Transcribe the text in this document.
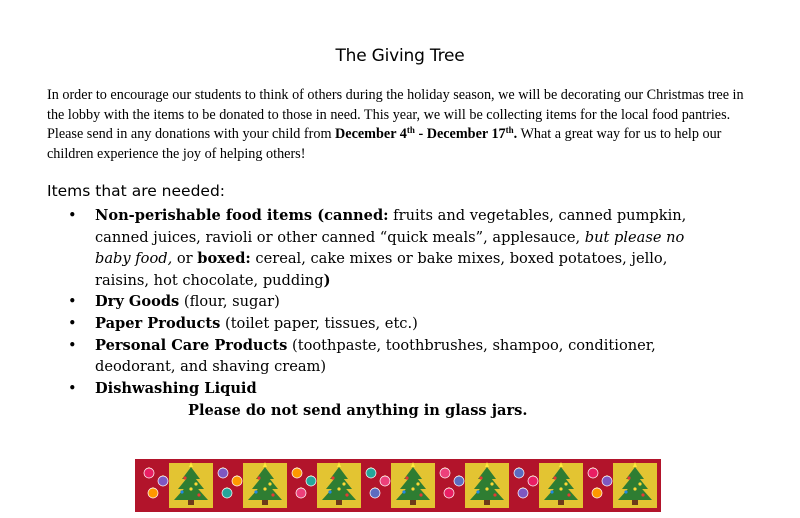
The Giving Tree
In order to encourage our students to think of others during the holiday season, we will be decorating our Christmas tree in the lobby with the items to be donated to those in need. This year, we will be collecting items for the local food pantries. Please send in any donations with your child from December 4th - December 17th. What a great way for us to help our children experience the joy of helping others!
Items that are needed:
• Non-perishable food items (canned: fruits and vegetables, canned pumpkin, canned juices, ravioli or other canned “quick meals”, applesauce, but please no baby food, or boxed: cereal, cake mixes or bake mixes, boxed potatoes, jello, raisins, hot chocolate, pudding)
• Dry Goods (flour, sugar)
• Paper Products (toilet paper, tissues, etc.)
• Personal Care Products (toothpaste, toothbrushes, shampoo, conditioner, deodorant, and shaving cream)
• Dishwashing Liquid
Please do not send anything in glass jars.
